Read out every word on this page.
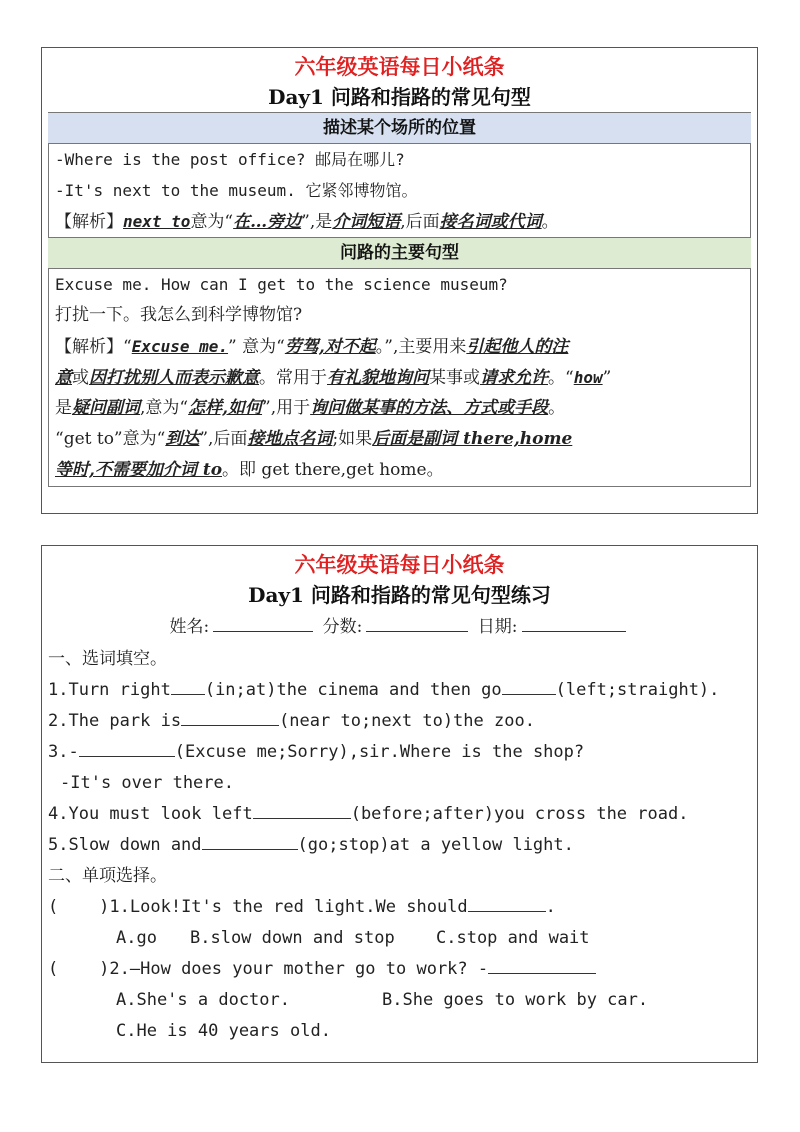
六年级英语每日小纸条
Day1 问路和指路的常见句型
描述某个场所的位置
-Where is the post office? 邮局在哪儿?
-It's next to the museum. 它紧邻博物馆。
【解析】next to意为“在…旁边”,是介词短语,后面接名词或代词。
问路的主要句型
Excuse me. How can I get to the science museum?
打扰一下。我怎么到科学博物馆?
【解析】“Excuse me.” 意为“劳驾,对不起。”,主要用来引起他人的注
意或因打扰别人而表示歉意。常用于有礼貌地询问某事或请求允许。“how”
是疑问副词,意为“怎样,如何”,用于询问做某事的方法、方式或手段。
“get to”意为“到达”,后面接地点名词;如果后面是副词 there,home
等时,不需要加介词 to。即 get there,get home。
六年级英语每日小纸条
Day1 问路和指路的常见句型练习
姓名:	分数:	日期:
一、选词填空。
1.Turn right (in;at)the cinema and then go	(left;straight).
2.The park is	(near to;next to)the zoo.
3.-	(Excuse me;Sorry),sir.Where is the shop?
-It's over there.
4.You must look left	(before;after)you cross the road.
5.Slow down and	(go;stop)at a yellow light.
二、单项选择。
(    )1.Look!It's the red light.We should	.
A.go B.slow down and stop C.stop and wait
(    )2.—How does your mother go to work? -
A.She's a doctor.	B.She goes to work by car.
C.He is 40 years old.
